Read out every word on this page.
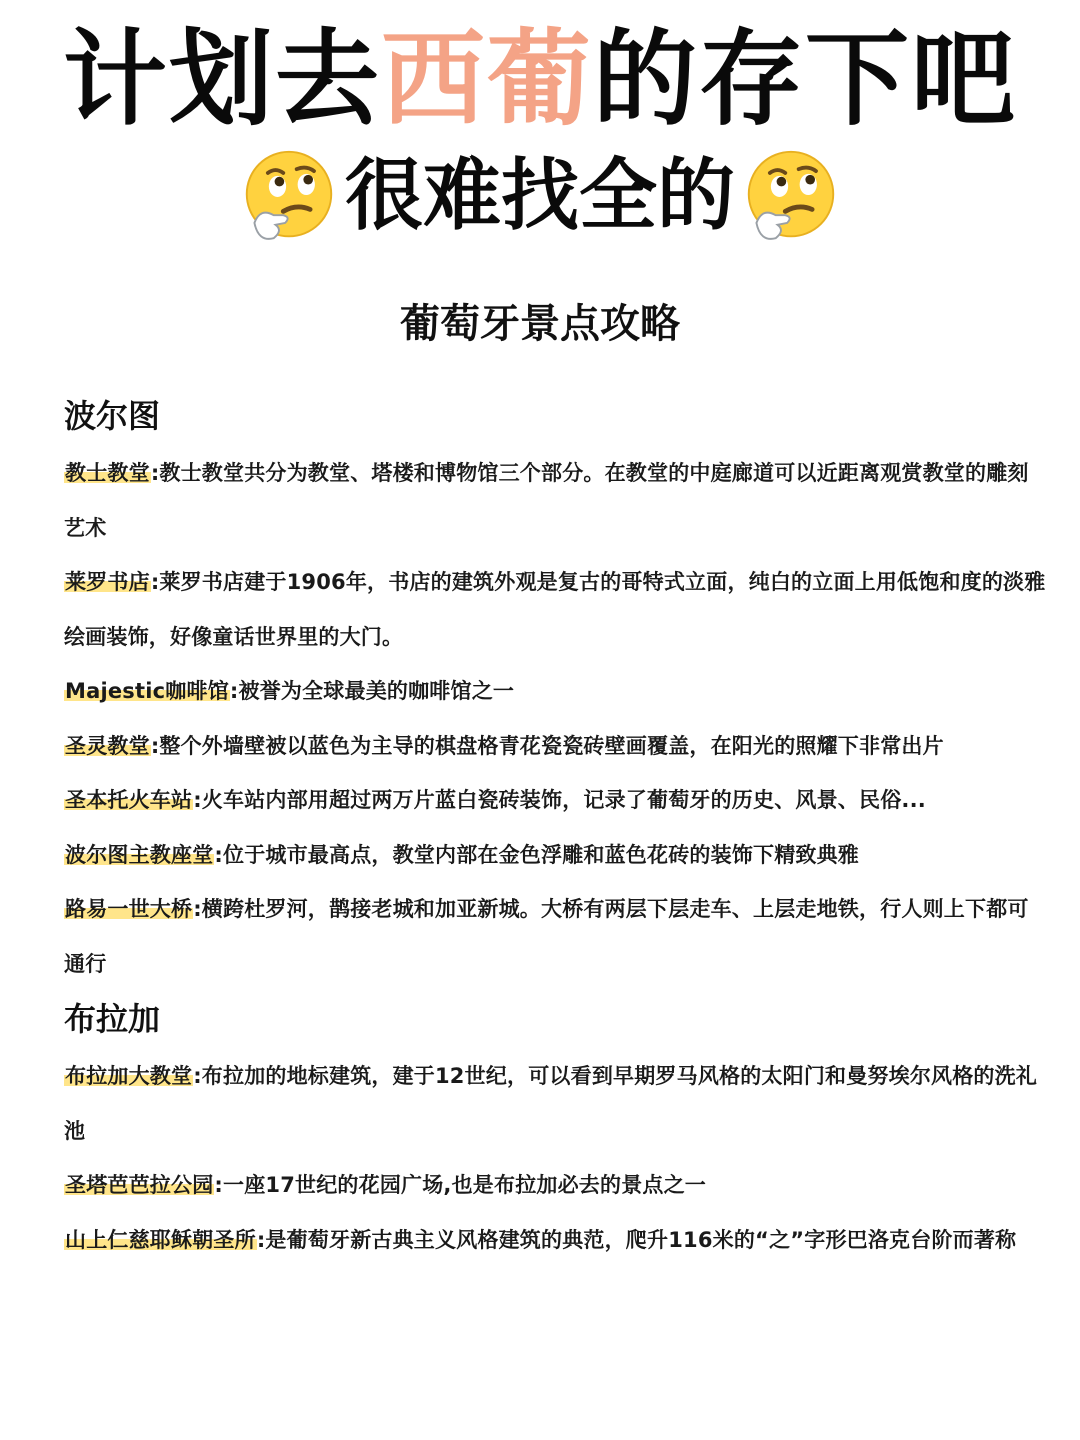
计划去西葡的存下吧
很难找全的
葡萄牙景点攻略
波尔图
教士教堂:教士教堂共分为教堂、塔楼和博物馆三个部分。在教堂的中庭廊道可以近距离观赏教堂的雕刻艺术
莱罗书店:莱罗书店建于1906年，书店的建筑外观是复古的哥特式立面，纯白的立面上用低饱和度的淡雅绘画装饰，好像童话世界里的大门。
Majestic咖啡馆:被誉为全球最美的咖啡馆之一
圣灵教堂:整个外墙壁被以蓝色为主导的棋盘格青花瓷瓷砖壁画覆盖，在阳光的照耀下非常出片
圣本托火车站:火车站内部用超过两万片蓝白瓷砖装饰，记录了葡萄牙的历史、风景、民俗...
波尔图主教座堂:位于城市最高点，教堂内部在金色浮雕和蓝色花砖的装饰下精致典雅
路易一世大桥:横跨杜罗河，鹊接老城和加亚新城。大桥有两层下层走车、上层走地铁，行人则上下都可通行
布拉加
布拉加大教堂:布拉加的地标建筑，建于12世纪，可以看到早期罗马风格的太阳门和曼努埃尔风格的洗礼池
圣塔芭芭拉公园:一座17世纪的花园广场,也是布拉加必去的景点之一
山上仁慈耶稣朝圣所:是葡萄牙新古典主义风格建筑的典范，爬升116米的“之”字形巴洛克台阶而著称
